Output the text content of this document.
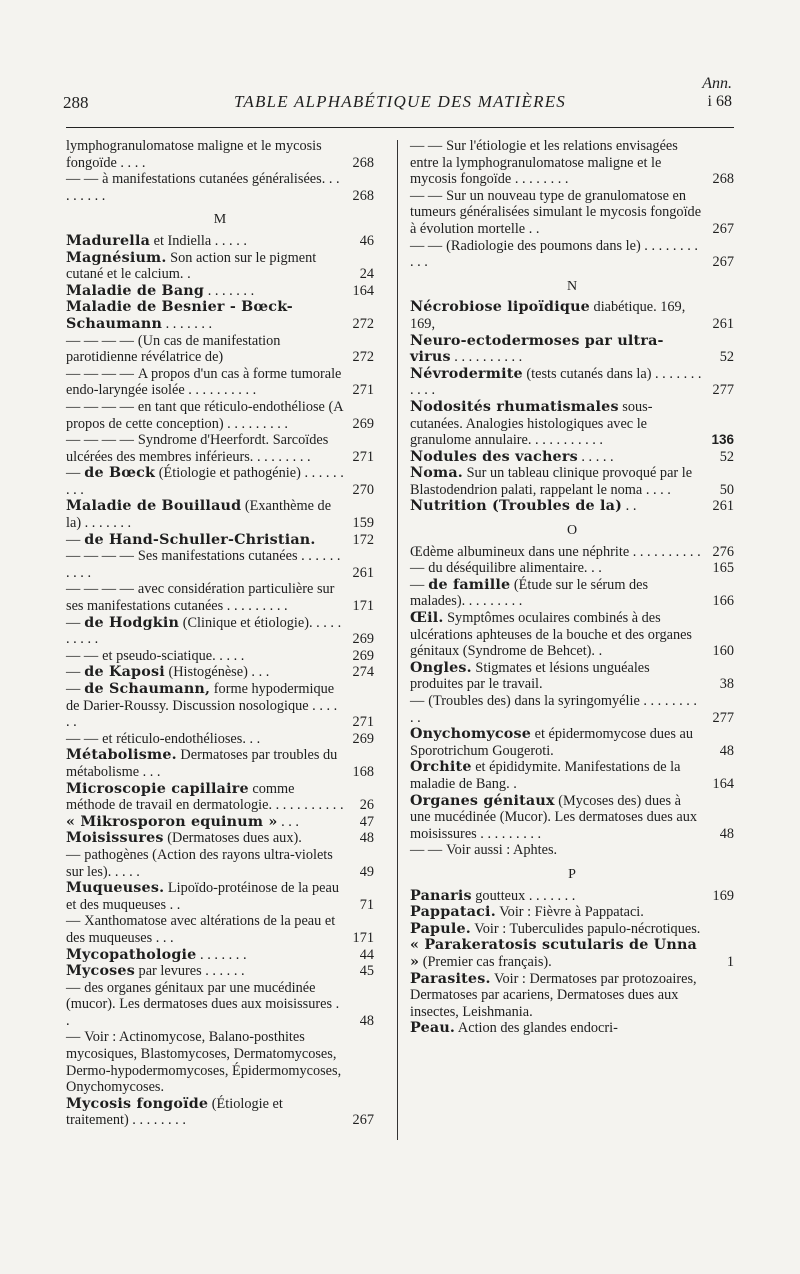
288	TABLE ALPHABÉTIQUE DES MATIÈRES
Ann.
i 68
lymphogranulomatose maligne et le mycosis fongoïde . . . .	268
— — à manifestations cutanées généralisées. . . . . . . . .	268
M
Madurella et Indiella . . . . .	46
Magnésium. Son action sur le pigment cutané et le calcium. .	24
Maladie de Bang . . . . . . .	164
Maladie de Besnier - Bœck-Schaumann . . . . . . .	272
— — — — (Un cas de manifestation parotidienne révélatrice de)	272
— — — — A propos d'un cas à forme tumorale endo-laryngée isolée . . . . . . . . . .	271
— — — — en tant que réticulo-endothéliose (A propos de cette conception) . . . . . . . . .	269
— — — — Syndrome d'Heerfordt. Sarcoïdes ulcérées des membres inférieurs. . . . . . . . .	271
— de Bœck (Étiologie et pathogénie) . . . . . . . . .	270
Maladie de Bouillaud (Exanthème de la) . . . . . . .	159
— de Hand-Schuller-Christian.	172
— — — — Ses manifestations cutanées . . . . . . . . . .	261
— — — — avec considération particulière sur ses manifestations cutanées . . . . . . . . .	171
— de Hodgkin (Clinique et étiologie). . . . . . . . . .	269
— — et pseudo-sciatique. . . . .	269
— de Kaposi (Histogénèse) . . .	274
— de Schaumann, forme hypodermique de Darier-Roussy. Discussion nosologique . . . . . .	271
— — et réticulo-endothélioses. . .	269
Métabolisme. Dermatoses par troubles du métabolisme . . .	168
Microscopie capillaire comme méthode de travail en dermatologie. . . . . . . . . . . 26
« Mikrosporon equinum » . . .	47
Moisissures (Dermatoses dues aux).	48
— pathogènes (Action des rayons ultra-violets sur les). . . . .	49
Muqueuses. Lipoïdo-protéinose de la peau et des muqueuses . .	71
— Xanthomatose avec altérations de la peau et des muqueuses . . .	171
Mycopathologie . . . . . . .	44
Mycoses par levures . . . . . .	45
— des organes génitaux par une mucédinée (mucor). Les dermatoses dues aux moisissures . .	48
— Voir : Actinomycose, Balano-posthites mycosiques, Blastomycoses, Dermatomycoses, Dermo-hypodermomycoses, Épidermomycoses, Onychomycoses.
Mycosis fongoïde (Étiologie et traitement) . . . . . . . .	267
— — Sur l'étiologie et les relations envisagées entre la lymphogranulomatose maligne et le mycosis fongoïde . . . . . . . .	268
— — Sur un nouveau type de granulomatose en tumeurs généralisées simulant le mycosis fongoïde à évolution mortelle . .	267
— — (Radiologie des poumons dans le) . . . . . . . . . . .	267
N
Nécrobiose lipoïdique diabétique. 169, 169,	261
Neuro-ectodermoses par ultra-virus . . . . . . . . . .	52
Névrodermite (tests cutanés dans la) . . . . . . . . . . .	277
Nodosités rhumatismales sous-cutanées. Analogies histologiques avec le granulome annulaire. . . . . . . . . . .	136
Nodules des vachers . . . . .	52
Noma. Sur un tableau clinique provoqué par le Blastodendrion palati, rappelant le noma . . . .	50
Nutrition (Troubles de la) . .	261
O
Œdème albumineux dans une néphrite . . . . . . . . . . 276
— du déséquilibre alimentaire. . .	165
— de famille (Étude sur le sérum des malades). . . . . . . . .	166
Œil. Symptômes oculaires combinés à des ulcérations aphteuses de la bouche et des organes génitaux (Syndrome de Behcet). .	160
Ongles. Stigmates et lésions unguéales produites par le travail.	38
— (Troubles des) dans la syringomyélie . . . . . . . . . .	277
Onychomycose et épidermomycose dues au Sporotrichum Gougeroti.	48
Orchite et épididymite. Manifestations de la maladie de Bang. .	164
Organes génitaux (Mycoses des) dues à une mucédinée (Mucor). Les dermatoses dues aux moisissures . . . . . . . . .	48
— — Voir aussi : Aphtes.
P
Panaris goutteux . . . . . . .	169
Pappataci. Voir : Fièvre à Pappataci.
Papule. Voir : Tuberculides papulo-nécrotiques.
« Parakeratosis scutularis de Unna » (Premier cas français).	1
Parasites. Voir : Dermatoses par protozoaires, Dermatoses par acariens, Dermatoses dues aux insectes, Leishmania.
Peau. Action des glandes endocri-
